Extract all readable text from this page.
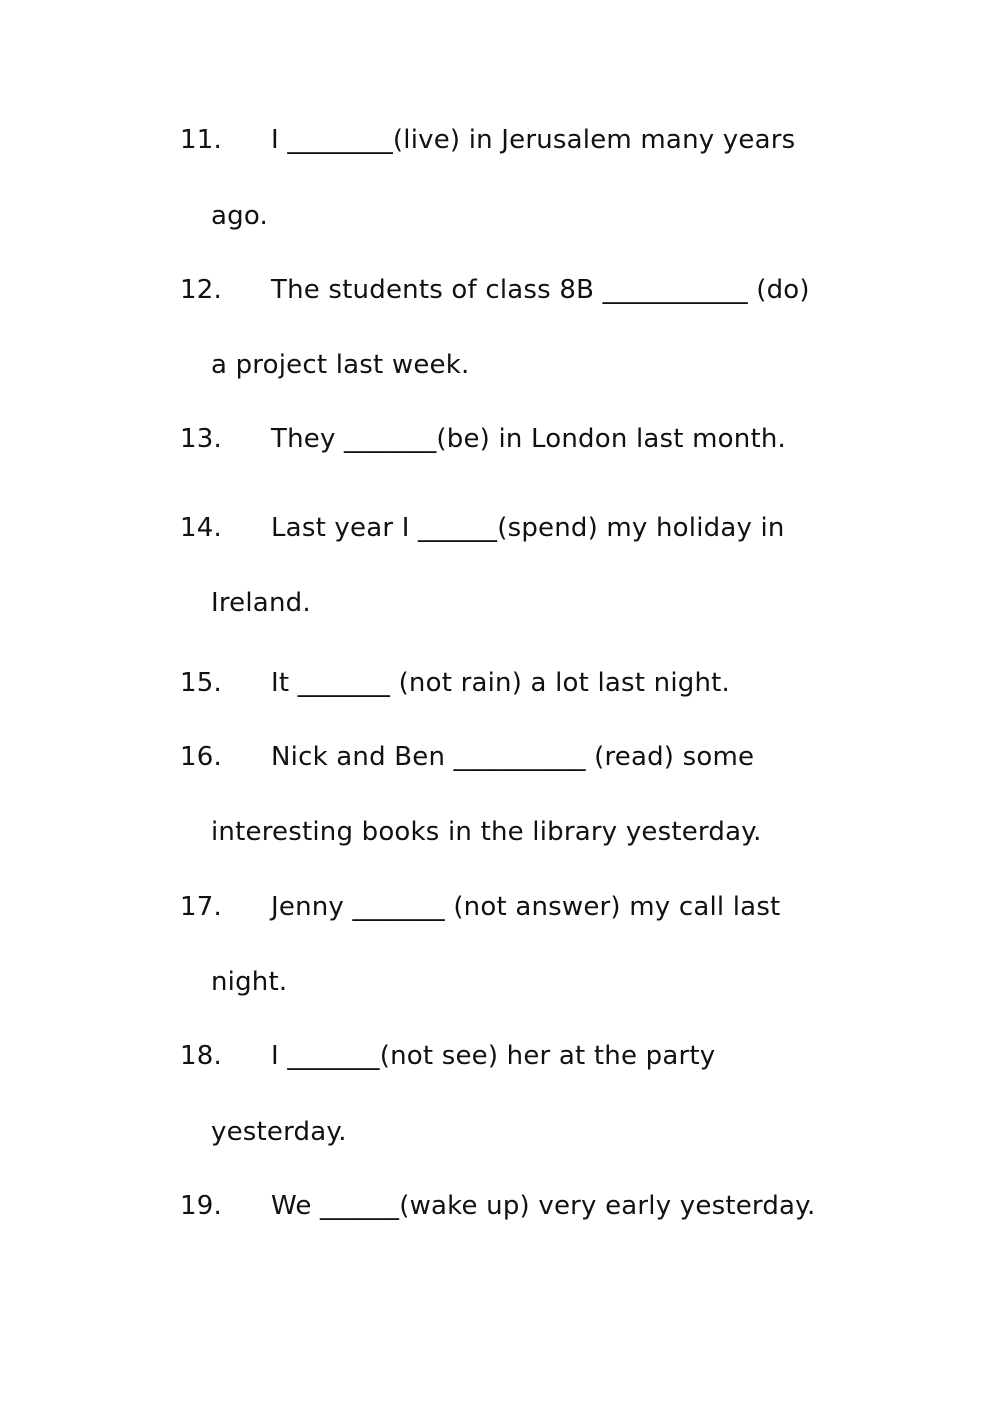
11. I ________(live) in Jerusalem many years
ago.
12. The students of class 8B ___________ (do)
a project last week.
13. They _______(be) in London last month.
14. Last year I ______(spend) my holiday in
Ireland.
15. It _______ (not rain) a lot last night.
16. Nick and Ben __________ (read) some
interesting books in the library yesterday.
17. Jenny _______ (not answer) my call last
night.
18. I _______(not see) her at the party
yesterday.
19. We ______(wake up) very early yesterday.
